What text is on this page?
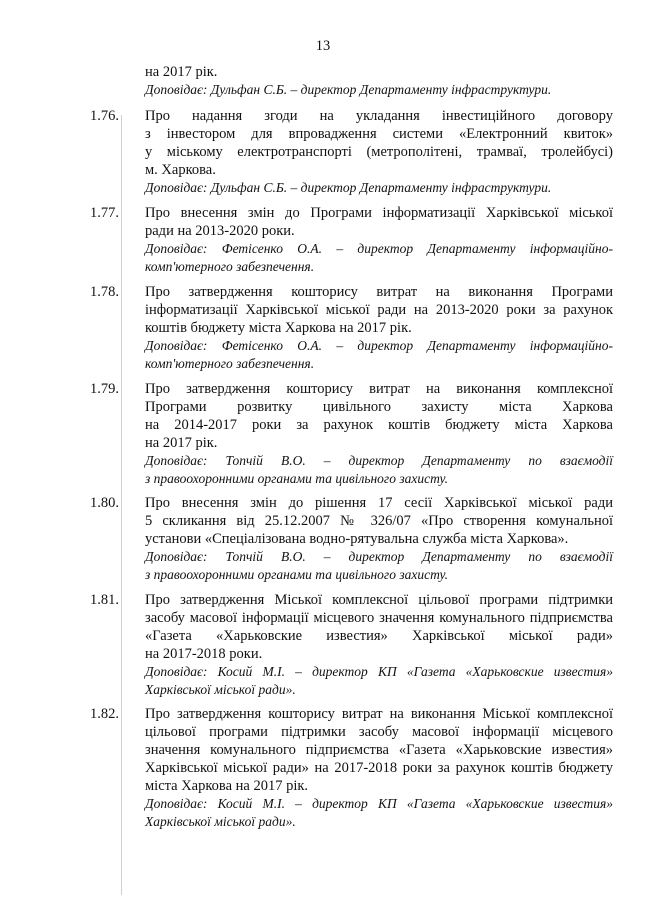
13

на 2017 рік.

Доповідає: Дульфан С.Б. – директор Департаменту інфраструктури.

1.76. Про надання згоди на укладання інвестиційного договору

з інвестором для впровадження системи «Електронний квиток»

у міському електротранспорті (метрополітені, трамваї, тролейбусі)

м. Харкова.

Доповідає: Дульфан С.Б. – директор Департаменту інфраструктури.

1.77. Про внесення змін до Програми інформатизації Харківської міської

ради на 2013-2020 роки.

Доповідає: Фетісенко О.А. – директор Департаменту інформаційно-

комп'ютерного забезпечення.

1.78. Про затвердження кошторису витрат на виконання Програми

інформатизації Харківської міської ради на 2013-2020 роки за рахунок

коштів бюджету міста Харкова на 2017 рік.

Доповідає: Фетісенко О.А. – директор Департаменту інформаційно-

комп'ютерного забезпечення.

1.79. Про затвердження кошторису витрат на виконання комплексної

Програми розвитку цивільного захисту міста Харкова

на 2014-2017 роки за рахунок коштів бюджету міста Харкова

на 2017 рік.

Доповідає: Топчій В.О. – директор Департаменту по взаємодії

з правоохоронними органами та цивільного захисту.

1.80. Про внесення змін до рішення 17 сесії Харківської міської ради

5 скликання від 25.12.2007 № 326/07 «Про створення комунальної

установи «Спеціалізована водно-рятувальна служба міста Харкова».

Доповідає: Топчій В.О. – директор Департаменту по взаємодії

з правоохоронними органами та цивільного захисту.

1.81. Про затвердження Міської комплексної цільової програми підтримки

засобу масової інформації місцевого значення комунального підприємства

«Газета «Харьковские известия» Харківської міської ради»

на 2017-2018 роки.

Доповідає: Косий М.І. – директор КП «Газета «Харьковские известия»

Харківської міської ради».

1.82. Про затвердження кошторису витрат на виконання Міської комплексної

цільової програми підтримки засобу масової інформації місцевого

значення комунального підприємства «Газета «Харьковские известия»

Харківської міської ради» на 2017-2018 роки за рахунок коштів бюджету

міста Харкова на 2017 рік.

Доповідає: Косий М.І. – директор КП «Газета «Харьковские известия»

Харківської міської ради».
